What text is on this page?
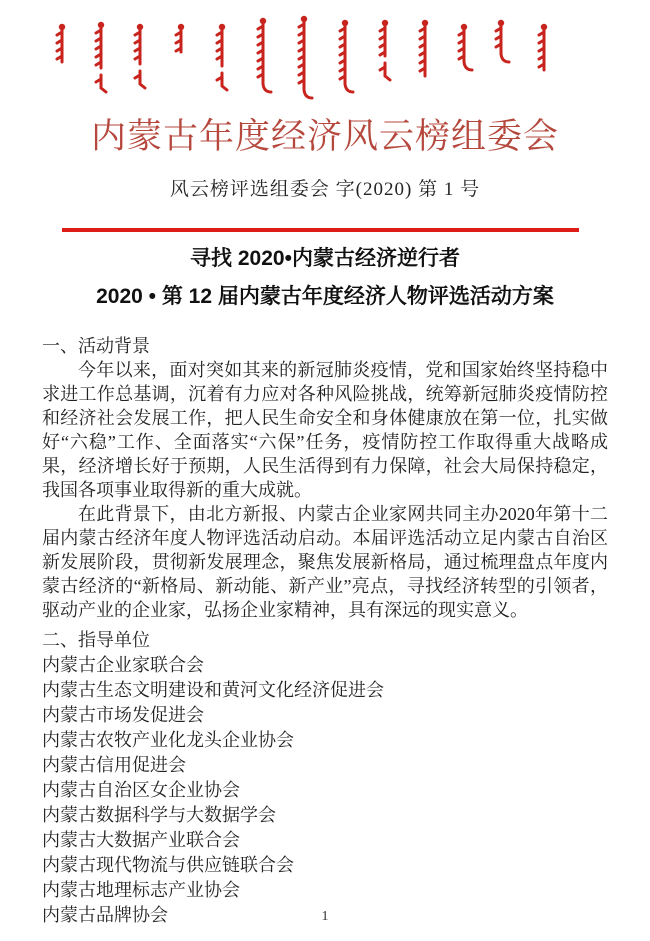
内蒙古年度经济风云榜组委会
风云榜评选组委会 字(2020) 第 1 号
寻找 2020•内蒙古经济逆行者
2020 • 第 12 届内蒙古年度经济人物评选活动方案
一、活动背景

今年以来，面对突如其来的新冠肺炎疫情，党和国家始终坚持稳中求进工作总基调，沉着有力应对各种风险挑战，统筹新冠肺炎疫情防控和经济社会发展工作，把人民生命安全和身体健康放在第一位，扎实做好“六稳”工作、全面落实“六保”任务，疫情防控工作取得重大战略成果，经济增长好于预期，人民生活得到有力保障，社会大局保持稳定，我国各项事业取得新的重大成就。

在此背景下，由北方新报、内蒙古企业家网共同主办2020年第十二届内蒙古经济年度人物评选活动启动。本届评选活动立足内蒙古自治区新发展阶段，贯彻新发展理念，聚焦发展新格局，通过梳理盘点年度内蒙古经济的“新格局、新动能、新产业”亮点，寻找经济转型的引领者，驱动产业的企业家，弘扬企业家精神，具有深远的现实意义。

二、指导单位
内蒙古企业家联合会
内蒙古生态文明建设和黄河文化经济促进会
内蒙古市场发促进会
内蒙古农牧产业化龙头企业协会
内蒙古信用促进会
内蒙古自治区女企业协会
内蒙古数据科学与大数据学会
内蒙古大数据产业联合会
内蒙古现代物流与供应链联合会
内蒙古地理标志产业协会
内蒙古品牌协会	1
